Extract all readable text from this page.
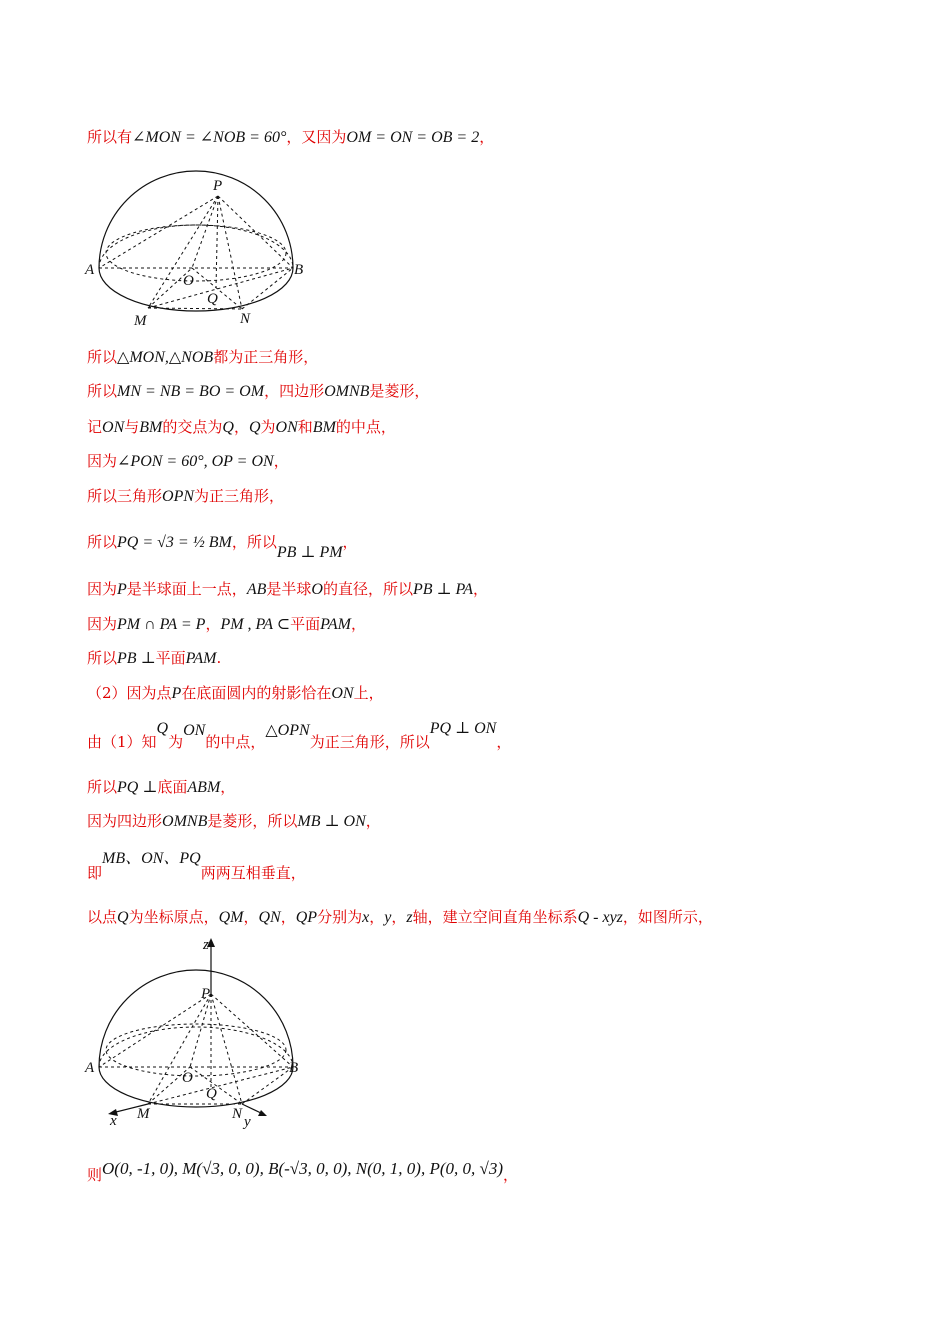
所以有∠MON = ∠NOB = 60°，又因为OM = ON = OB = 2，
P
A	B
O
Q
M	N
所以△MON,△NOB都为正三角形，
所以MN = NB = BO = OM，四边形OMNB是菱形，
记ON与BM的交点为Q，Q为ON和BM的中点，
因为∠PON = 60°, OP = ON，
所以三角形OPN为正三角形，
所以PQ = √3 = ½ BM，所以PB ⊥ PM，
因为P是半球面上一点，AB是半球O的直径，所以PB ⊥ PA，
因为PM ∩ PA = P，PM , PA ⊂平面PAM，
所以PB ⊥平面PAM.
（2）因为点P在底面圆内的射影恰在ON上，
由（1）知Q为ON的中点，△OPN为正三角形，所以PQ ⊥ ON，
所以PQ ⊥底面ABM，
因为四边形OMNB是菱形，所以MB ⊥ ON，
即MB、ON、PQ两两互相垂直，
以点Q为坐标原点，QM，QN，QP分别为x，y，z轴，建立空间直角坐标系Q - xyz，如图所示，
z
P
A	B
O
Q
M	N
x	y
则O(0, -1, 0), M(√3, 0, 0), B(-√3, 0, 0), N(0, 1, 0), P(0, 0, √3)，
